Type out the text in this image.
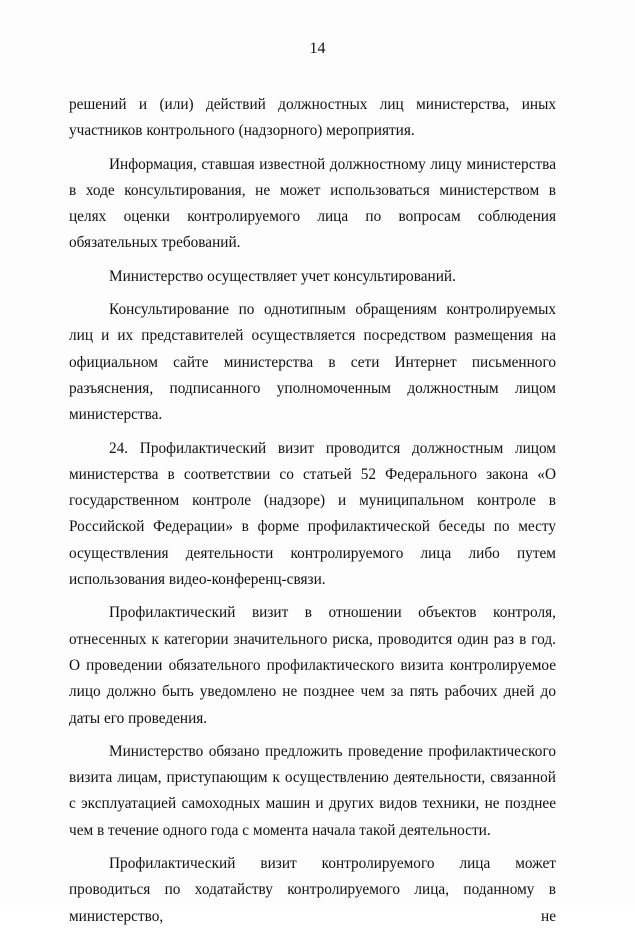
14

решений и (или) действий должностных лиц министерства, иных участников контрольного (надзорного) мероприятия.

Информация, ставшая известной должностному лицу министерства в ходе консультирования, не может использоваться министерством в целях оценки контролируемого лица по вопросам соблюдения обязательных требований.

Министерство осуществляет учет консультирований.

Консультирование по однотипным обращениям контролируемых лиц и их представителей осуществляется посредством размещения на официальном сайте министерства в сети Интернет письменного разъяснения, подписанного уполномоченным должностным лицом министерства.

24. Профилактический визит проводится должностным лицом министерства в соответствии со статьей 52 Федерального закона «О государственном контроле (надзоре) и муниципальном контроле в Российской Федерации» в форме профилактической беседы по месту осуществления деятельности контролируемого лица либо путем использования видео-конференц-связи.

Профилактический визит в отношении объектов контроля, отнесенных к категории значительного риска, проводится один раз в год. О проведении обязательного профилактического визита контролируемое лицо должно быть уведомлено не позднее чем за пять рабочих дней до даты его проведения.

Министерство обязано предложить проведение профилактического визита лицам, приступающим к осуществлению деятельности, связанной с эксплуатацией самоходных машин и других видов техники, не позднее чем в течение одного года с момента начала такой деятельности.

Профилактический визит контролируемого лица может проводиться по ходатайству контролируемого лица, поданному в министерство, не
